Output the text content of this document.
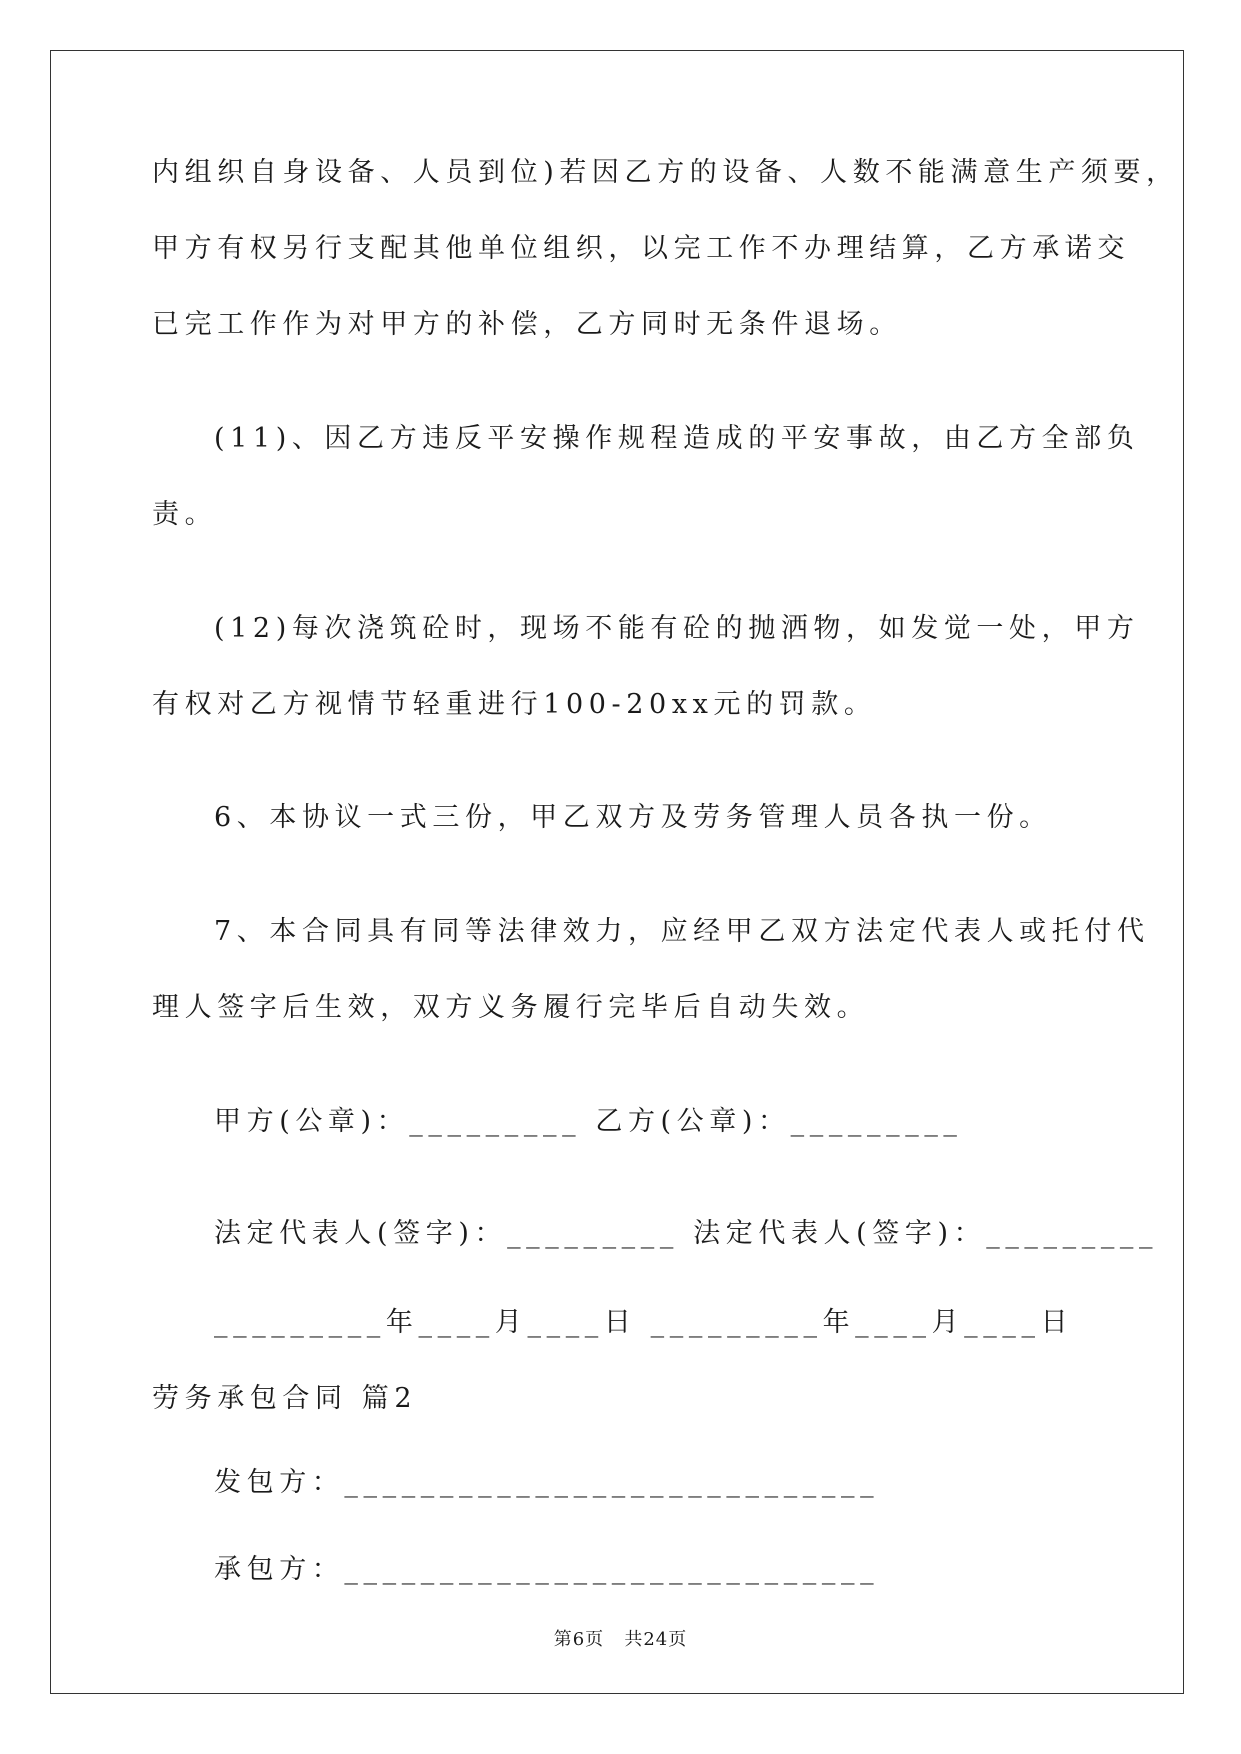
内组织自身设备、人员到位)若因乙方的设备、人数不能满意生产须要，
甲方有权另行支配其他单位组织，以完工作不办理结算，乙方承诺交
已完工作作为对甲方的补偿，乙方同时无条件退场。
(11)、因乙方违反平安操作规程造成的平安事故，由乙方全部负
责。
(12)每次浇筑砼时，现场不能有砼的抛洒物，如发觉一处，甲方
有权对乙方视情节轻重进行100-20xx元的罚款。
6、本协议一式三份，甲乙双方及劳务管理人员各执一份。
7、本合同具有同等法律效力，应经甲乙双方法定代表人或托付代
理人签字后生效，双方义务履行完毕后自动失效。
甲方(公章)：_________ 乙方(公章)：_________
法定代表人(签字)：_________ 法定代表人(签字)：_________
_________年____月____日 _________年____月____日
劳务承包合同 篇2
发包方：____________________________
承包方：____________________________
第6页   共24页
